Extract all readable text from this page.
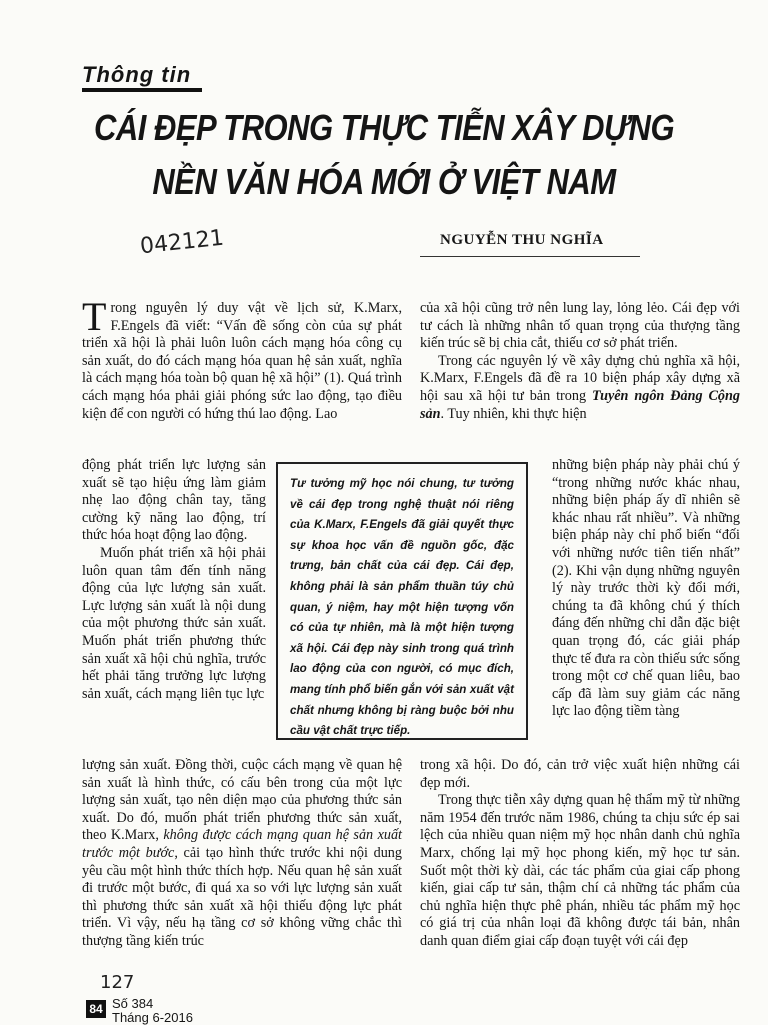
Thông tin
CÁI ĐẸP TRONG THỰC TIỄN XÂY DỰNG
NỀN VĂN HÓA MỚI Ở VIỆT NAM
042121	NGUYỄN THU NGHĨA

Trong nguyên lý duy vật về lịch sử, K.Marx, F.Engels đã viết: “Vấn đề sống còn của sự phát triển xã hội là phải luôn luôn cách mạng hóa công cụ sản xuất, do đó cách mạng hóa quan hệ sản xuất, nghĩa là cách mạng hóa toàn bộ quan hệ xã hội” (1). Quá trình cách mạng hóa phải giải phóng sức lao động, tạo điều kiện để con người có hứng thú lao động. Lao

động phát triển lực lượng sản xuất sẽ tạo hiệu ứng làm giảm nhẹ lao động chân tay, tăng cường kỹ năng lao động, trí thức hóa hoạt động lao động.

Muốn phát triển xã hội phải luôn quan tâm đến tính năng động của lực lượng sản xuất. Lực lượng sản xuất là nội dung của một phương thức sản xuất. Muốn phát triển phương thức sản xuất xã hội chủ nghĩa, trước hết phải tăng trưởng lực lượng sản xuất, cách mạng liên tục lực

lượng sản xuất. Đồng thời, cuộc cách mạng về quan hệ sản xuất là hình thức, có cấu bên trong của một lực lượng sản xuất, tạo nên diện mạo của phương thức sản xuất. Do đó, muốn phát triển phương thức sản xuất, theo K.Marx, không được cách mạng quan hệ sản xuất trước một bước, cải tạo hình thức trước khi nội dung yêu cầu một hình thức thích hợp. Nếu quan hệ sản xuất đi trước một bước, đi quá xa so với lực lượng sản xuất thì phương thức sản xuất xã hội thiếu động lực phát triển. Vì vậy, nếu hạ tầng cơ sở không vững chắc thì thượng tầng kiến trúc

Tư tưởng mỹ học nói chung, tư tưởng về cái đẹp trong nghệ thuật nói riêng của K.Marx, F.Engels đã giải quyết thực sự khoa học vấn đề nguồn gốc, đặc trưng, bản chất của cái đẹp. Cái đẹp, không phải là sản phẩm thuần túy chủ quan, ý niệm, hay một hiện tượng vốn có của tự nhiên, mà là một hiện tượng xã hội. Cái đẹp này sinh trong quá trình lao động của con người, có mục đích, mang tính phổ biến gắn với sản xuất vật chất nhưng không bị ràng buộc bởi nhu cầu vật chất trực tiếp.

của xã hội cũng trở nên lung lay, lỏng lẻo. Cái đẹp với tư cách là những nhân tố quan trọng của thượng tầng kiến trúc sẽ bị chia cắt, thiếu cơ sở phát triển.

Trong các nguyên lý về xây dựng chủ nghĩa xã hội, K.Marx, F.Engels đã đề ra 10 biện pháp xây dựng xã hội sau xã hội tư bản trong Tuyên ngôn Đảng Cộng sản. Tuy nhiên, khi thực hiện

những biện pháp này phải chú ý “trong những nước khác nhau, những biện pháp ấy dĩ nhiên sẽ khác nhau rất nhiều”. Và những biện pháp này chỉ phổ biến “đối với những nước tiên tiến nhất” (2). Khi vận dụng những nguyên lý này trước thời kỳ đổi mới, chúng ta đã không chú ý thích đáng đến những chỉ dẫn đặc biệt quan trọng đó, các giải pháp thực tế đưa ra còn thiếu sức sống trong một cơ chế quan liêu, bao cấp đã làm suy giảm các năng lực lao động tiềm tàng

trong xã hội. Do đó, cản trở việc xuất hiện những cái đẹp mới.

Trong thực tiễn xây dựng quan hệ thẩm mỹ từ những năm 1954 đến trước năm 1986, chúng ta chịu sức ép sai lệch của nhiều quan niệm mỹ học nhân danh chủ nghĩa Marx, chống lại mỹ học phong kiến, mỹ học tư sản. Suốt một thời kỳ dài, các tác phẩm của giai cấp phong kiến, giai cấp tư sản, thậm chí cả những tác phẩm của chủ nghĩa hiện thực phê phán, nhiều tác phẩm mỹ học có giá trị của nhân loại đã không được tái bản, nhân danh quan điểm giai cấp đoạn tuyệt với cái đẹp

127
84 Số 384
Tháng 6-2016
